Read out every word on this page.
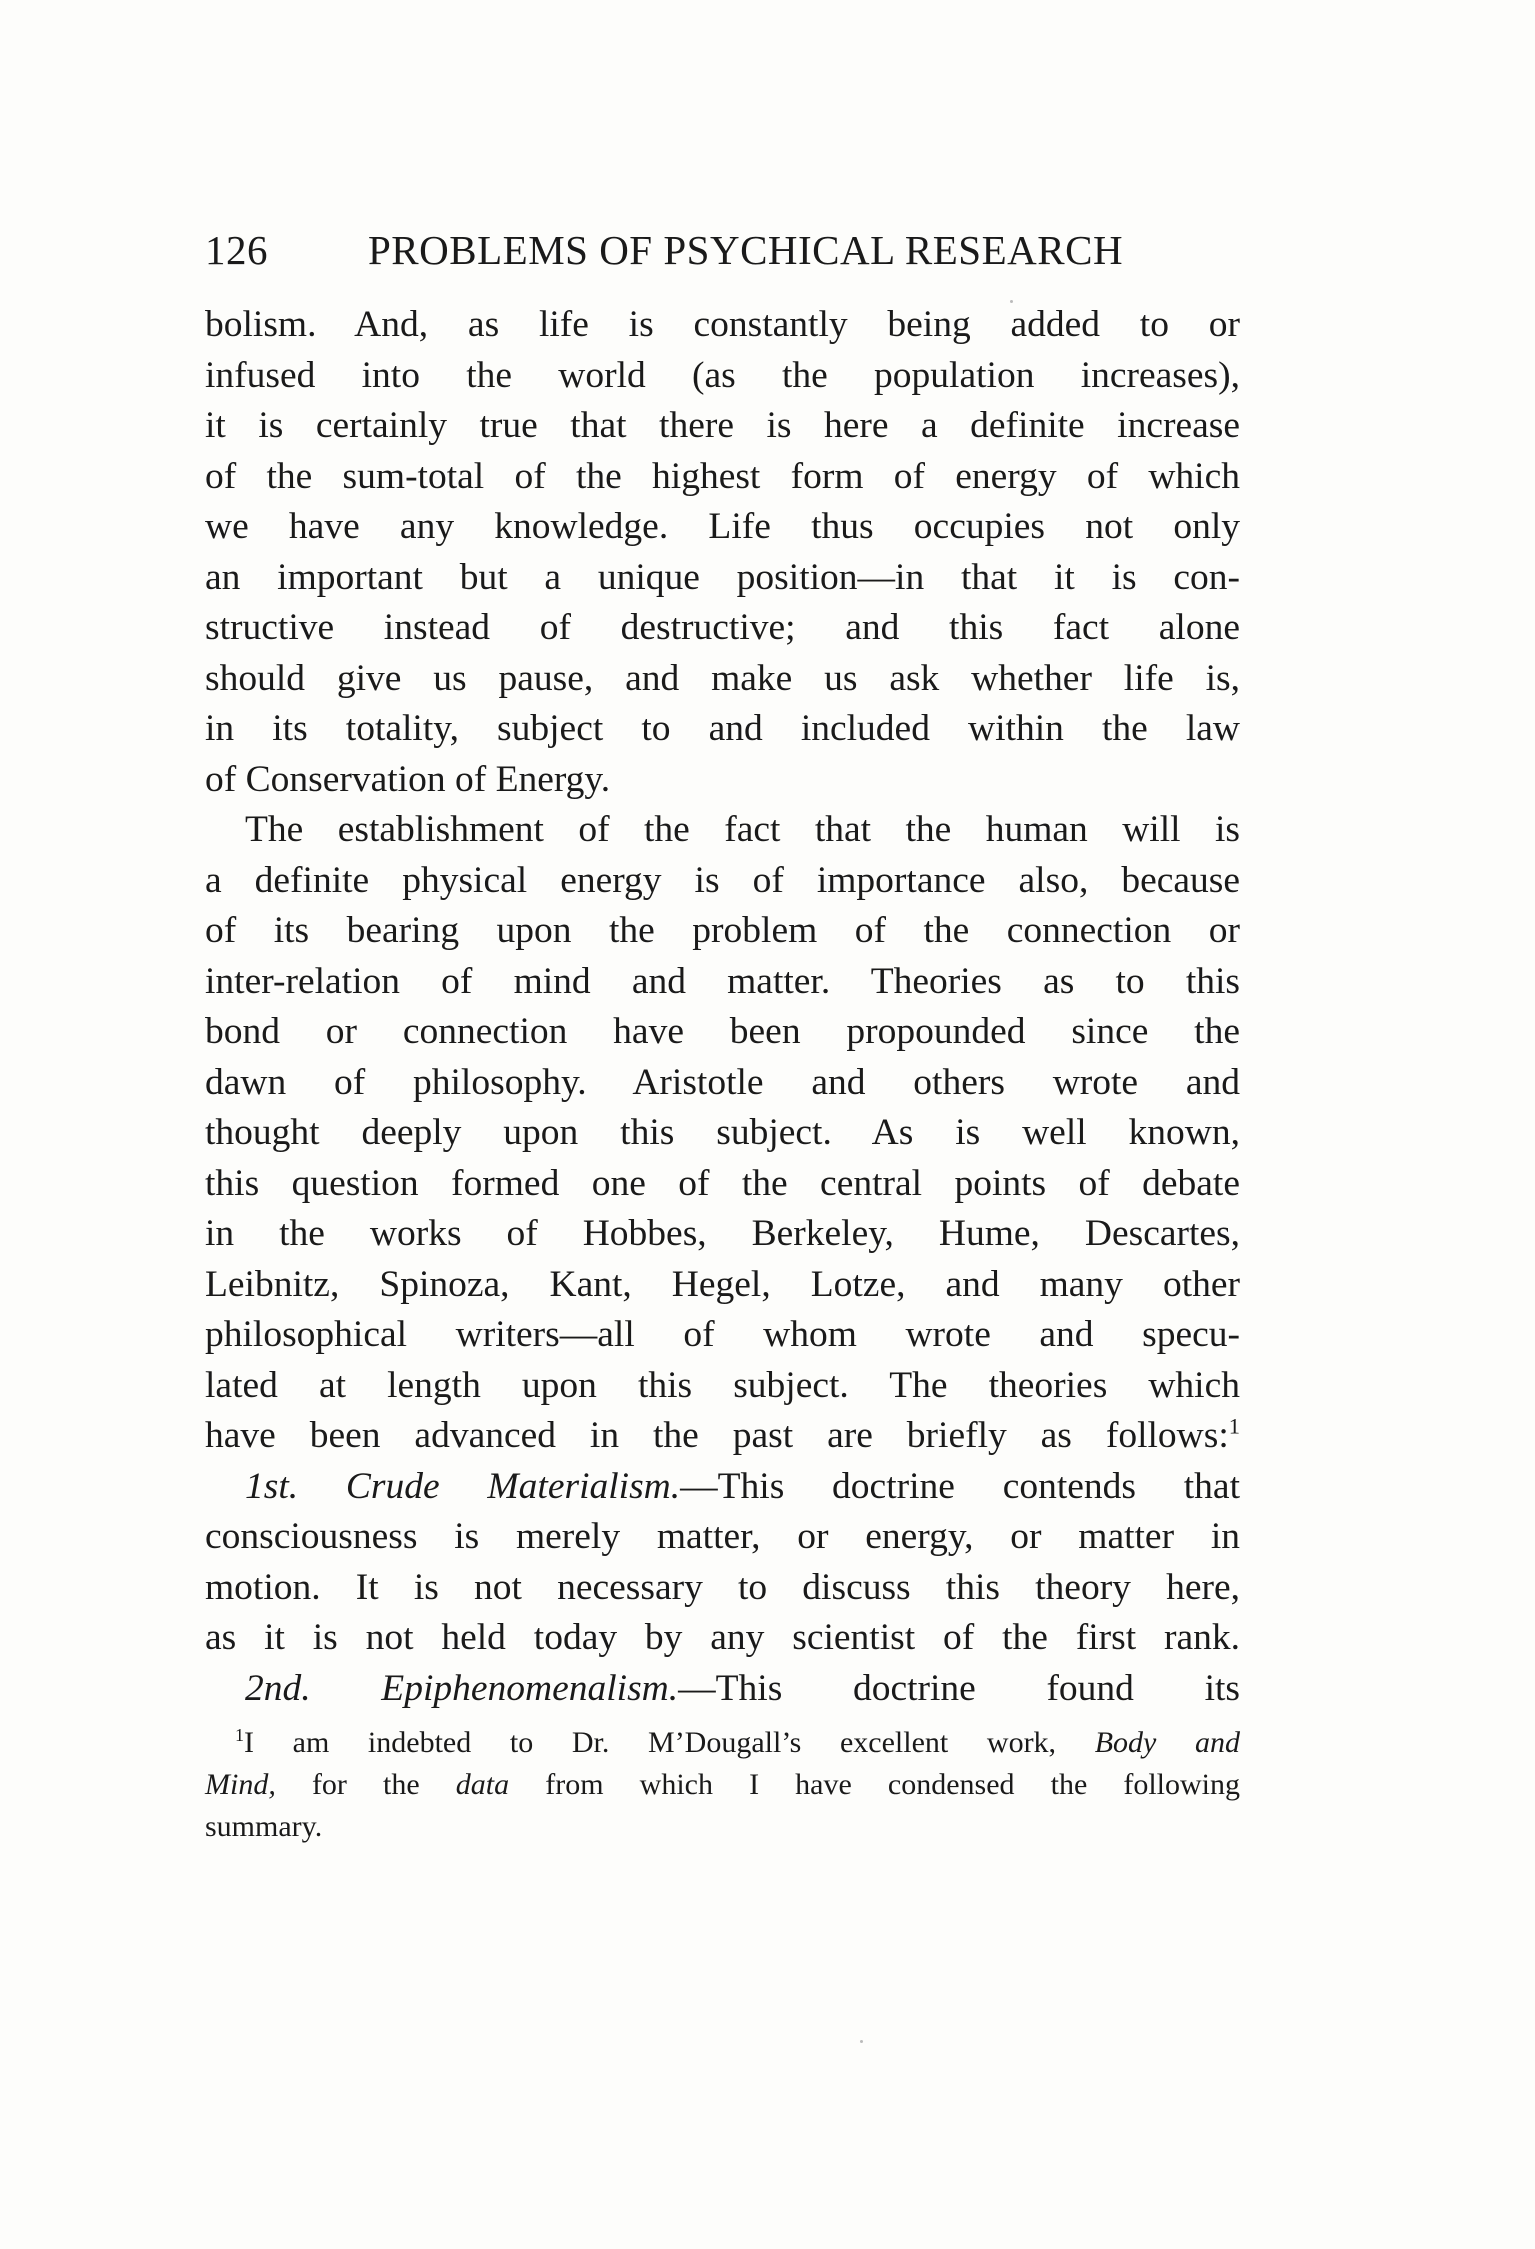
126 PROBLEMS OF PSYCHICAL RESEARCH
bolism. And, as life is constantly being added to or
infused into the world (as the population increases),
it is certainly true that there is here a definite increase
of the sum-total of the highest form of energy of which
we have any knowledge. Life thus occupies not only
an important but a unique position—in that it is con-
structive instead of destructive; and this fact alone
should give us pause, and make us ask whether life is,
in its totality, subject to and included within the law
of Conservation of Energy.
The establishment of the fact that the human will is
a definite physical energy is of importance also, because
of its bearing upon the problem of the connection or
inter-relation of mind and matter. Theories as to this
bond or connection have been propounded since the
dawn of philosophy. Aristotle and others wrote and
thought deeply upon this subject. As is well known,
this question formed one of the central points of debate
in the works of Hobbes, Berkeley, Hume, Descartes,
Leibnitz, Spinoza, Kant, Hegel, Lotze, and many other
philosophical writers—all of whom wrote and specu-
lated at length upon this subject. The theories which
have been advanced in the past are briefly as follows:$^1$
1st. Crude Materialism.—This doctrine contends that
consciousness is merely matter, or energy, or matter in
motion. It is not necessary to discuss this theory here,
as it is not held today by any scientist of the first rank.
2nd. Epiphenomenalism.—This doctrine found its
$^1$I am indebted to Dr. M’Dougall’s excellent work, Body and
Mind, for the data from which I have condensed the following
summary.
